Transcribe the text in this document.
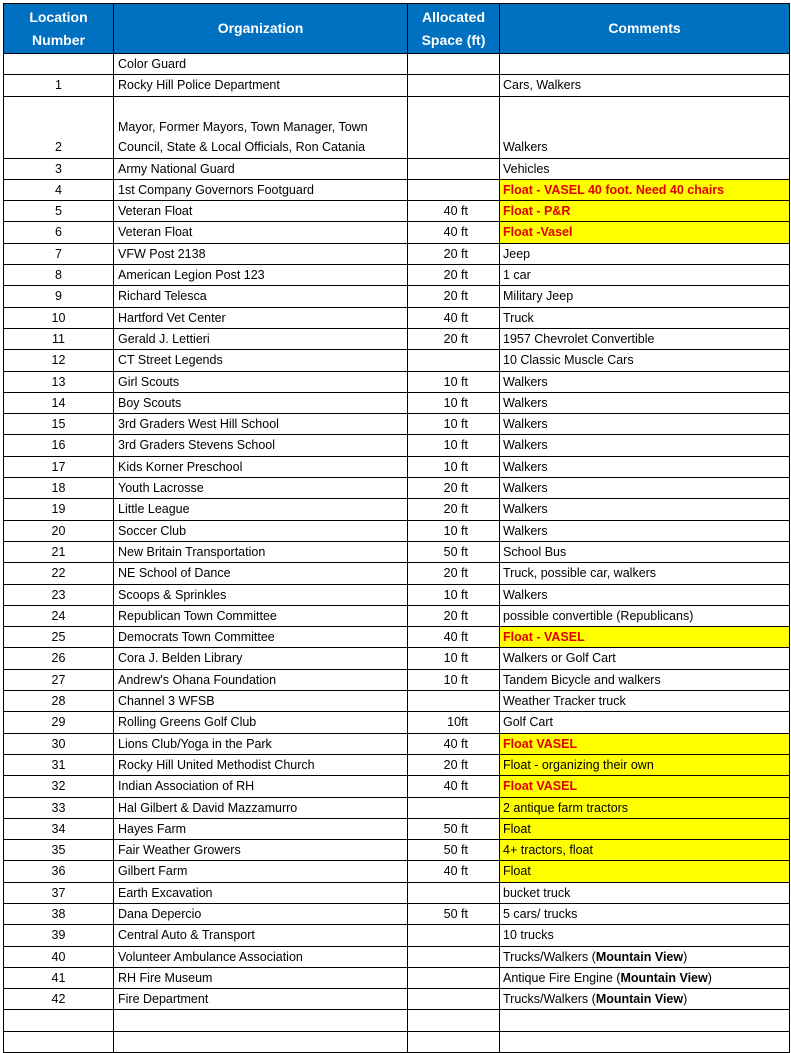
Location Number	Organization	Allocated Space (ft)	Comments
	Color Guard		
1	Rocky Hill Police Department		Cars, Walkers
2	Mayor, Former Mayors, Town Manager, Town Council, State & Local Officials, Ron Catania		Walkers
3	Army National Guard		Vehicles
4	1st Company Governors Footguard		Float - VASEL 40 foot. Need 40 chairs
5	Veteran Float	40 ft	Float - P&R
6	Veteran Float	40 ft	Float -Vasel
7	VFW Post 2138	20 ft	Jeep
8	American Legion Post 123	20 ft	1 car
9	Richard Telesca	20 ft	Military Jeep
10	Hartford Vet Center	40 ft	Truck
11	Gerald J. Lettieri	20 ft	1957 Chevrolet Convertible
12	CT Street Legends		10 Classic Muscle Cars
13	Girl Scouts	10 ft	Walkers
14	Boy Scouts	10 ft	Walkers
15	3rd Graders West Hill School	10 ft	Walkers
16	3rd Graders Stevens School	10 ft	Walkers
17	Kids Korner Preschool	10 ft	Walkers
18	Youth Lacrosse	20 ft	Walkers
19	Little League	20 ft	Walkers
20	Soccer Club	10 ft	Walkers
21	New Britain Transportation	50 ft	School Bus
22	NE School of Dance	20 ft	Truck, possible car, walkers
23	Scoops & Sprinkles	10 ft	Walkers
24	Republican Town Committee	20 ft	possible convertible (Republicans)
25	Democrats Town Committee	40 ft	Float - VASEL
26	Cora J. Belden Library	10 ft	Walkers or Golf Cart
27	Andrew's Ohana Foundation	10 ft	Tandem Bicycle and walkers
28	Channel 3 WFSB		Weather Tracker truck
29	Rolling Greens Golf Club	10ft	Golf Cart
30	Lions Club/Yoga in the Park	40 ft	Float VASEL
31	Rocky Hill United Methodist Church	20 ft	Float - organizing their own
32	Indian Association of RH	40 ft	Float VASEL
33	Hal Gilbert & David Mazzamurro		2 antique farm tractors
34	Hayes Farm	50 ft	Float
35	Fair Weather Growers	50 ft	4+ tractors, float
36	Gilbert Farm	40 ft	Float
37	Earth Excavation		bucket truck
38	Dana Depercio	50 ft	5 cars/ trucks
39	Central Auto & Transport		10 trucks
40	Volunteer Ambulance Association		Trucks/Walkers (Mountain View)
41	RH Fire Museum		Antique Fire Engine (Mountain View)
42	Fire Department		Trucks/Walkers (Mountain View)
